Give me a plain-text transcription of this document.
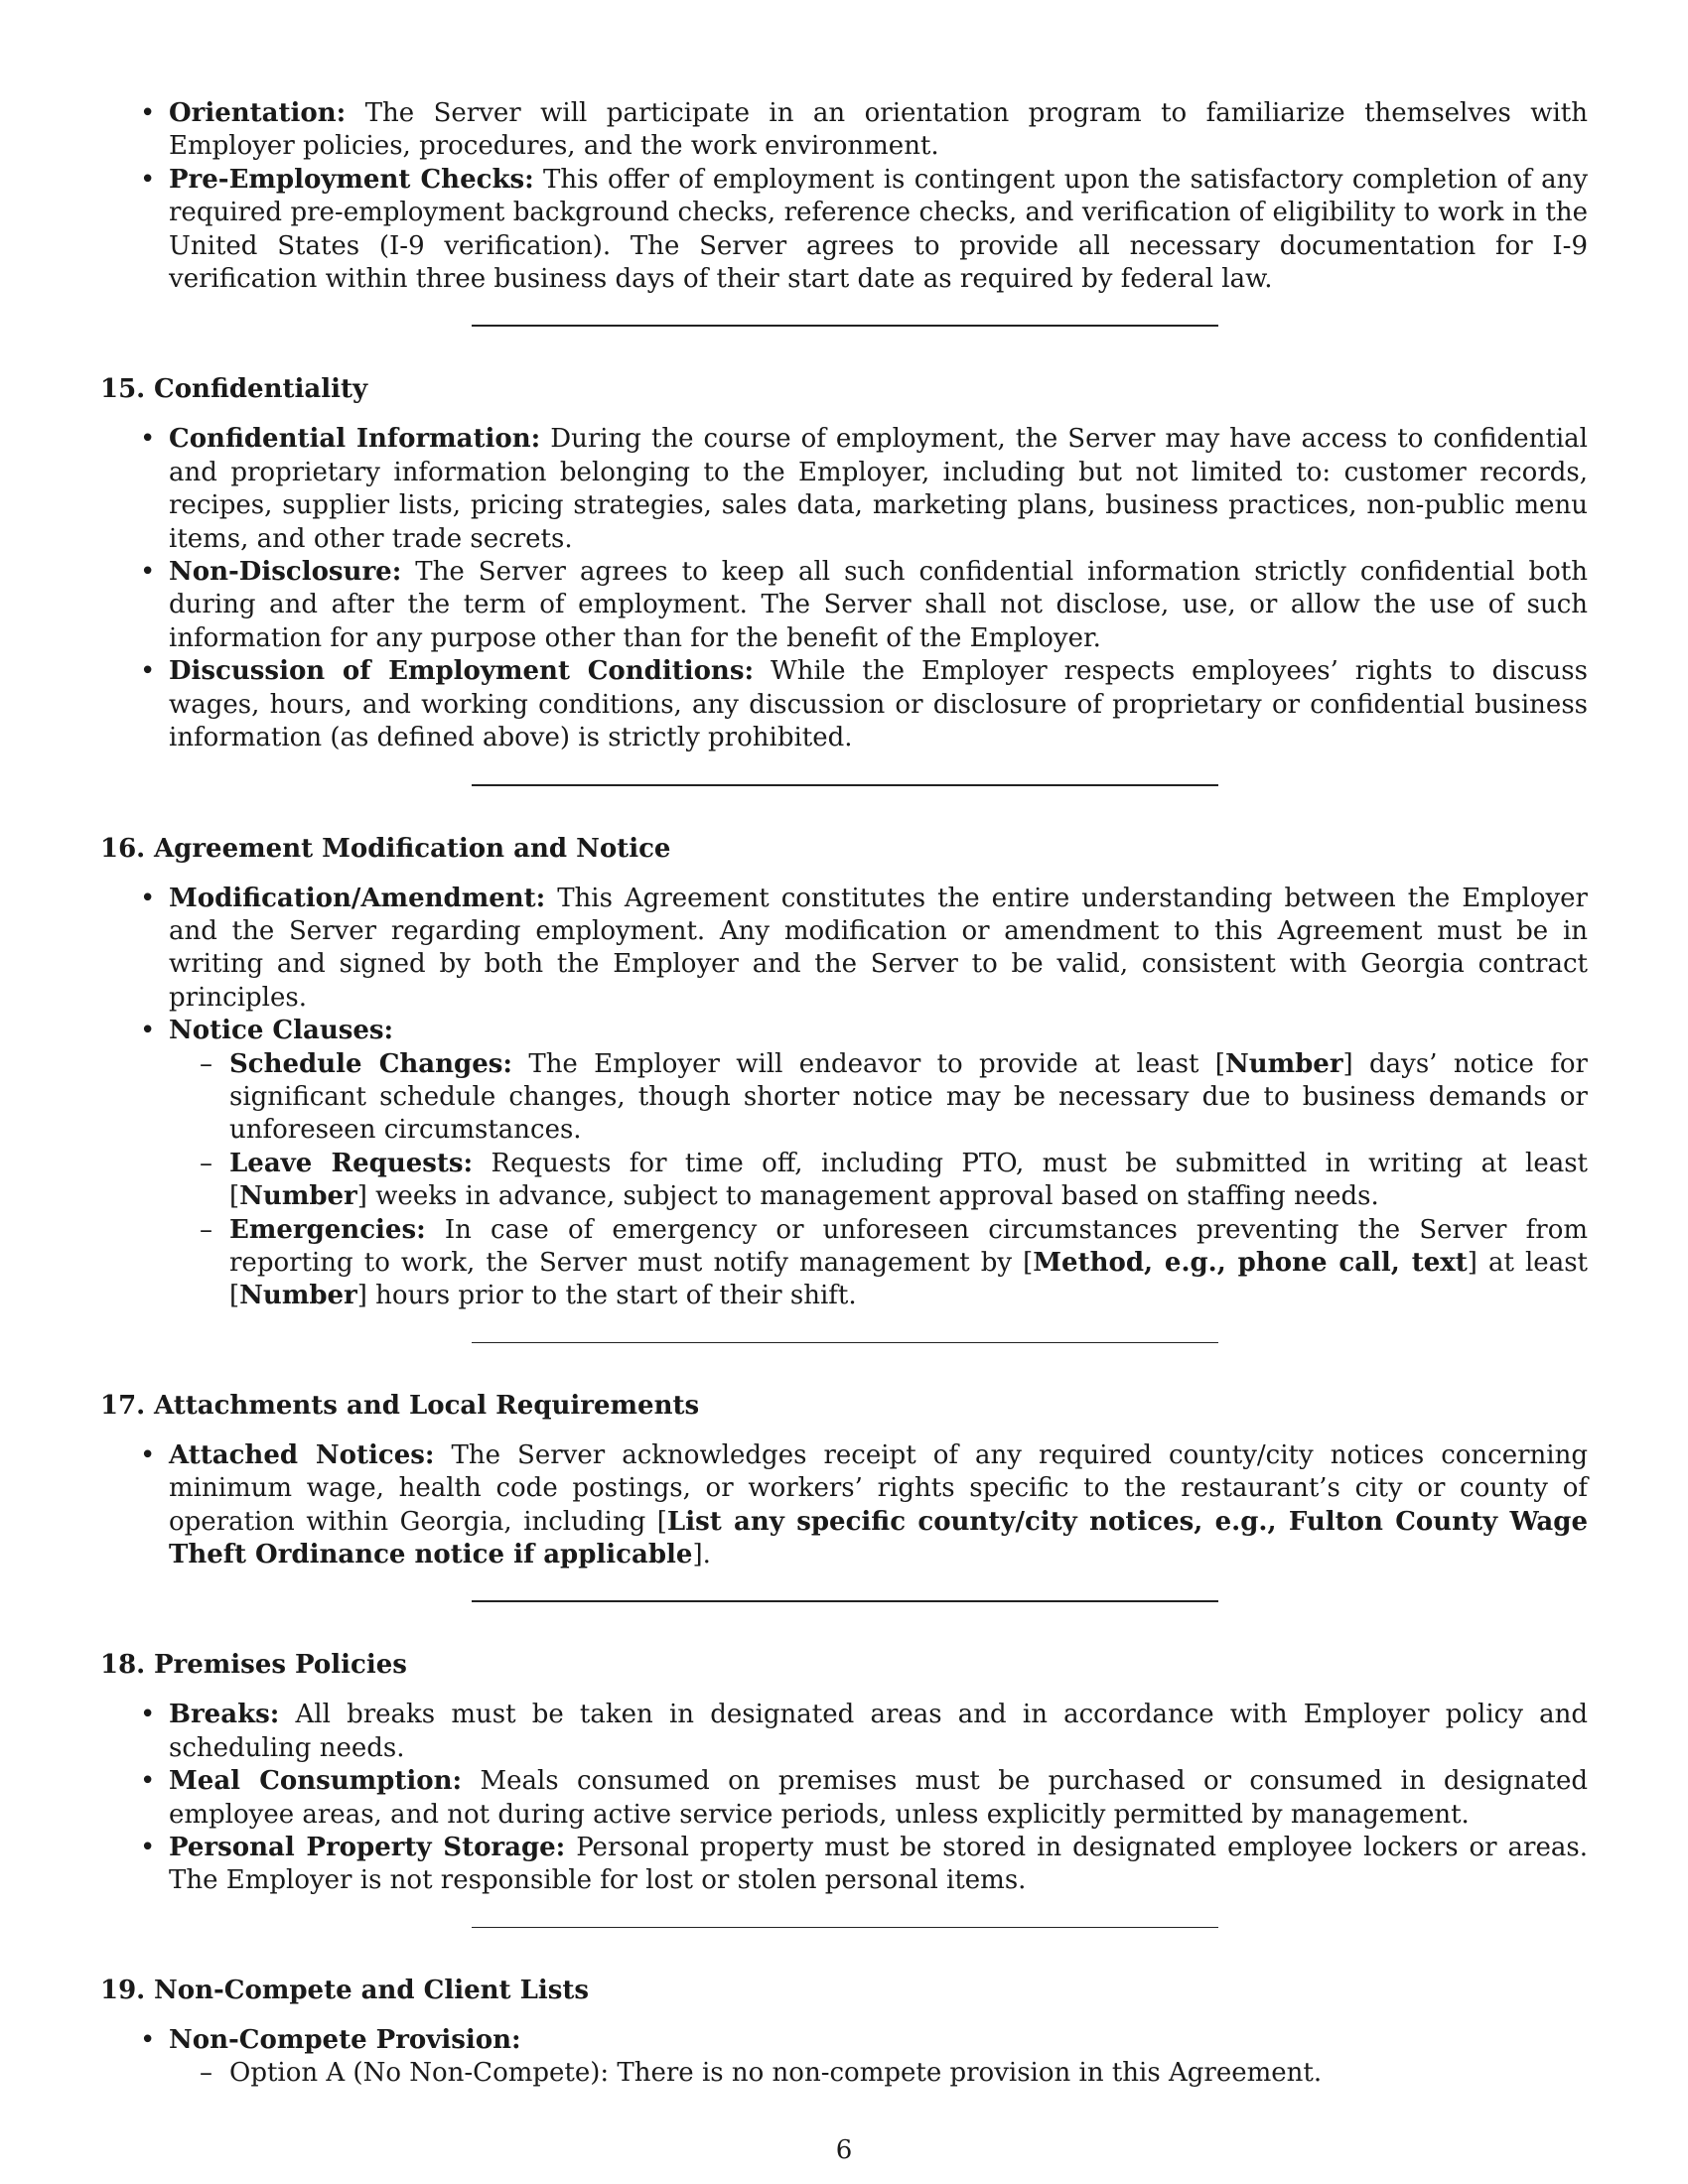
• Orientation: The Server will participate in an orientation program to familiarize themselves with Employer policies, procedures, and the work environment.
• Pre-Employment Checks: This offer of employment is contingent upon the satisfactory completion of any required pre-employment background checks, reference checks, and verification of eligibility to work in the United States (I-9 verification). The Server agrees to provide all necessary documentation for I-9 verification within three business days of their start date as required by federal law.
15. Confidentiality
• Confidential Information: During the course of employment, the Server may have access to confidential and proprietary information belonging to the Employer, including but not limited to: customer records, recipes, supplier lists, pricing strategies, sales data, marketing plans, business practices, non-public menu items, and other trade secrets.
• Non-Disclosure: The Server agrees to keep all such confidential information strictly confidential both during and after the term of employment. The Server shall not disclose, use, or allow the use of such information for any purpose other than for the benefit of the Employer.
• Discussion of Employment Conditions: While the Employer respects employees’ rights to discuss wages, hours, and working conditions, any discussion or disclosure of proprietary or confidential business information (as defined above) is strictly prohibited.
16. Agreement Modification and Notice
• Modification/Amendment: This Agreement constitutes the entire understanding between the Employer and the Server regarding employment. Any modification or amendment to this Agreement must be in writing and signed by both the Employer and the Server to be valid, consistent with Georgia contract principles.
• Notice Clauses:
– Schedule Changes: The Employer will endeavor to provide at least [Number] days’ notice for significant schedule changes, though shorter notice may be necessary due to business demands or unforeseen circumstances.
– Leave Requests: Requests for time off, including PTO, must be submitted in writing at least [Number] weeks in advance, subject to management approval based on staffing needs.
– Emergencies: In case of emergency or unforeseen circumstances preventing the Server from reporting to work, the Server must notify management by [Method, e.g., phone call, text] at least [Number] hours prior to the start of their shift.
17. Attachments and Local Requirements
• Attached Notices: The Server acknowledges receipt of any required county/city notices concerning minimum wage, health code postings, or workers’ rights specific to the restaurant’s city or county of operation within Georgia, including [List any specific county/city notices, e.g., Fulton County Wage Theft Ordinance notice if applicable].
18. Premises Policies
• Breaks: All breaks must be taken in designated areas and in accordance with Employer policy and scheduling needs.
• Meal Consumption: Meals consumed on premises must be purchased or consumed in designated employee areas, and not during active service periods, unless explicitly permitted by management.
• Personal Property Storage: Personal property must be stored in designated employee lockers or areas. The Employer is not responsible for lost or stolen personal items.
19. Non-Compete and Client Lists
• Non-Compete Provision:
– Option A (No Non-Compete): There is no non-compete provision in this Agreement.
6
